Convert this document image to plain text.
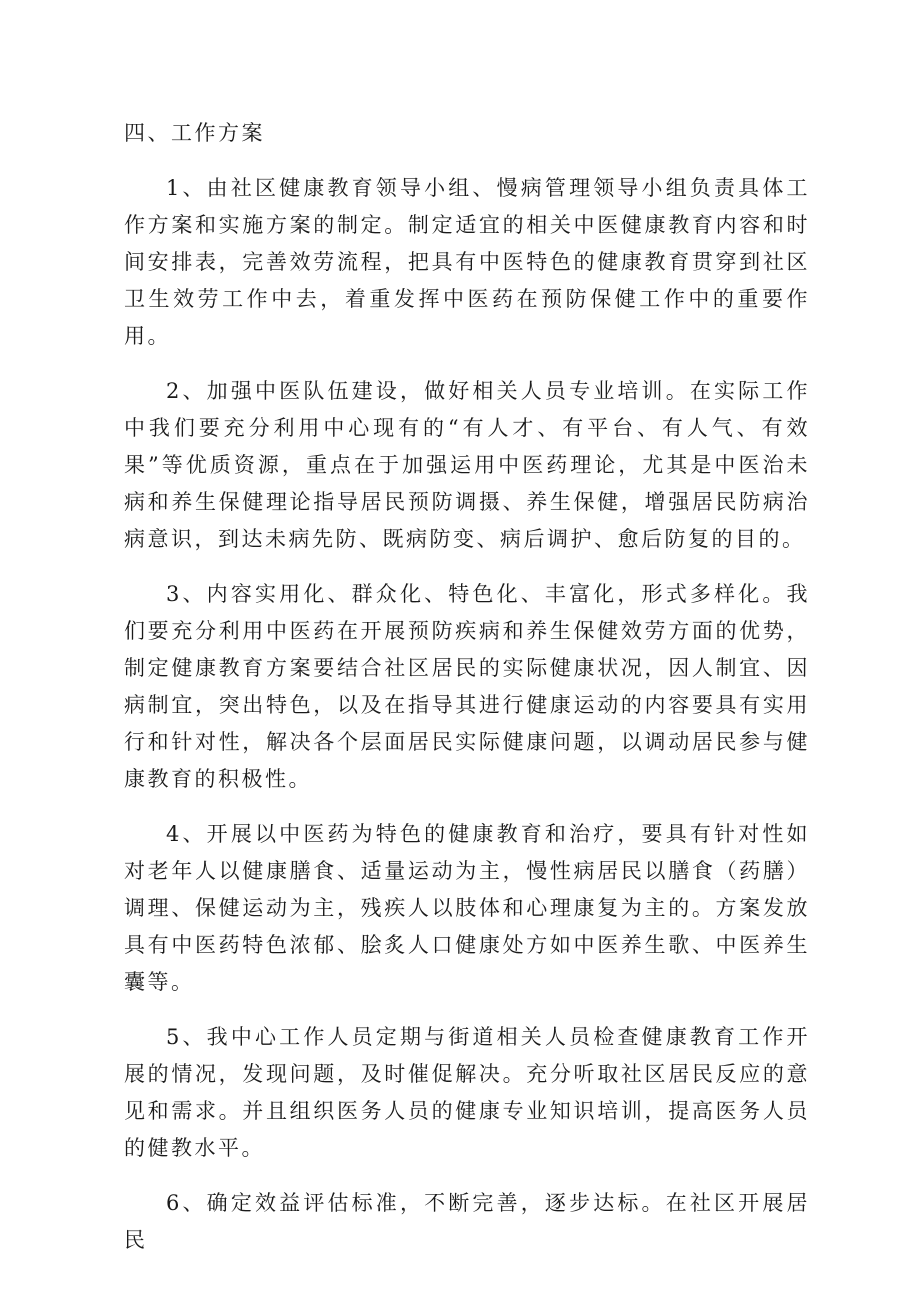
四、工作方案

1、由社区健康教育领导小组、慢病管理领导小组负责具体工作方案和实施方案的制定。制定适宜的相关中医健康教育内容和时间安排表，完善效劳流程，把具有中医特色的健康教育贯穿到社区卫生效劳工作中去，着重发挥中医药在预防保健工作中的重要作用。

2、加强中医队伍建设，做好相关人员专业培训。在实际工作中我们要充分利用中心现有的“有人才、有平台、有人气、有效果”等优质资源，重点在于加强运用中医药理论，尤其是中医治未病和养生保健理论指导居民预防调摄、养生保健，增强居民防病治病意识，到达未病先防、既病防变、病后调护、愈后防复的目的。

3、内容实用化、群众化、特色化、丰富化，形式多样化。我们要充分利用中医药在开展预防疾病和养生保健效劳方面的优势，制定健康教育方案要结合社区居民的实际健康状况，因人制宜、因病制宜，突出特色，以及在指导其进行健康运动的内容要具有实用行和针对性，解决各个层面居民实际健康问题，以调动居民参与健康教育的积极性。

4、开展以中医药为特色的健康教育和治疗，要具有针对性如对老年人以健康膳食、适量运动为主，慢性病居民以膳食（药膳）调理、保健运动为主，残疾人以肢体和心理康复为主的。方案发放具有中医药特色浓郁、脍炙人口健康处方如中医养生歌、中医养生囊等。

5、我中心工作人员定期与街道相关人员检查健康教育工作开展的情况，发现问题，及时催促解决。充分听取社区居民反应的意见和需求。并且组织医务人员的健康专业知识培训，提高医务人员的健教水平。

6、确定效益评估标准，不断完善，逐步达标。在社区开展居民
